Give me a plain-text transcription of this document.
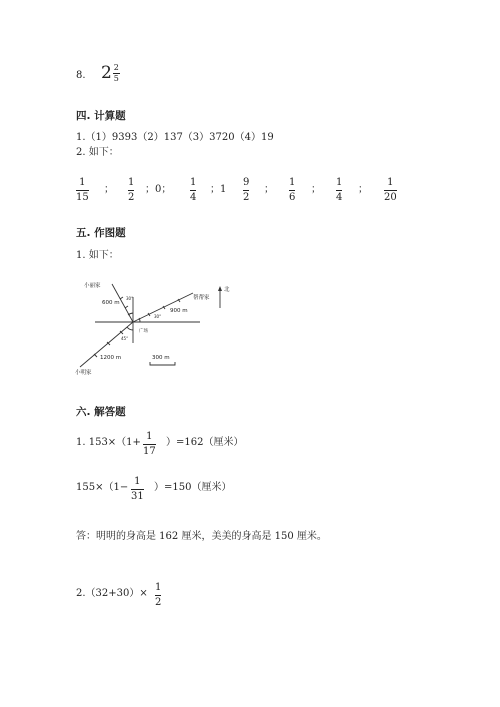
8. 2 2
5
四. 计算题
1.（1）9393（2）137（3）3720（4）19
2. 如下：
1
15
；
1
2
；0；
1
4
；1
9
2
；
1
6
；
1
4
；
1
20
五. 作图题
1. 如下：
北
小丽家
帮帮家
小明家
广场
600 m
900 m
1200 m	300 m
30°
30°
45°
六. 解答题
1. 153×（1+
1
17
）=162（厘米）
155×（1−
1
31
）=150（厘米）
答：明明的身高是 162 厘米，美美的身高是 150 厘米。
2.（32+30）×
1
2
